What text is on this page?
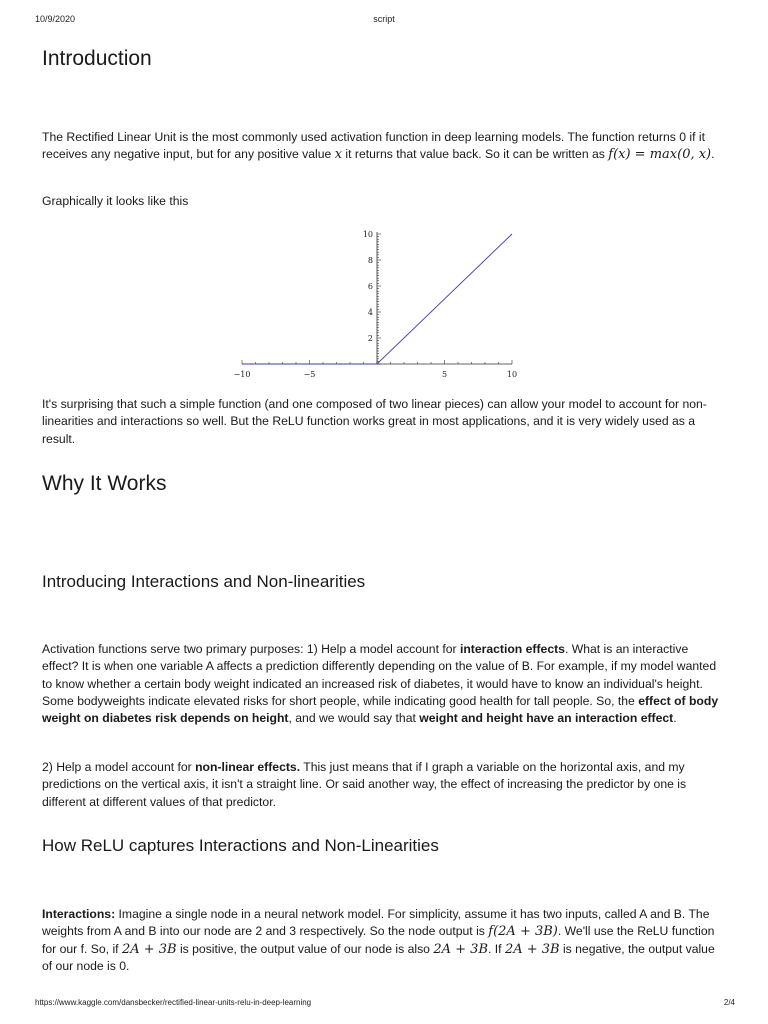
10/9/2020	script
Introduction

The Rectified Linear Unit is the most commonly used activation function in deep learning models. The function returns 0 if it receives any negative input, but for any positive value x it returns that value back. So it can be written as f(x) = max(0, x).

Graphically it looks like this

−10	−5	5	10
2
4
6
8
10

It's surprising that such a simple function (and one composed of two linear pieces) can allow your model to account for non-linearities and interactions so well. But the ReLU function works great in most applications, and it is very widely used as a result.

Why It Works
Introducing Interactions and Non-linearities

Activation functions serve two primary purposes: 1) Help a model account for interaction effects. What is an interactive effect? It is when one variable A affects a prediction differently depending on the value of B. For example, if my model wanted to know whether a certain body weight indicated an increased risk of diabetes, it would have to know an individual's height. Some bodyweights indicate elevated risks for short people, while indicating good health for tall people. So, the effect of body weight on diabetes risk depends on height, and we would say that weight and height have an interaction effect.

2) Help a model account for non-linear effects. This just means that if I graph a variable on the horizontal axis, and my predictions on the vertical axis, it isn't a straight line. Or said another way, the effect of increasing the predictor by one is different at different values of that predictor.

How ReLU captures Interactions and Non-Linearities

Interactions: Imagine a single node in a neural network model. For simplicity, assume it has two inputs, called A and B. The weights from A and B into our node are 2 and 3 respectively. So the node output is f(2A + 3B). We'll use the ReLU function for our f. So, if 2A + 3B is positive, the output value of our node is also 2A + 3B. If 2A + 3B is negative, the output value of our node is 0.

https://www.kaggle.com/dansbecker/rectified-linear-units-relu-in-deep-learning	2/4
